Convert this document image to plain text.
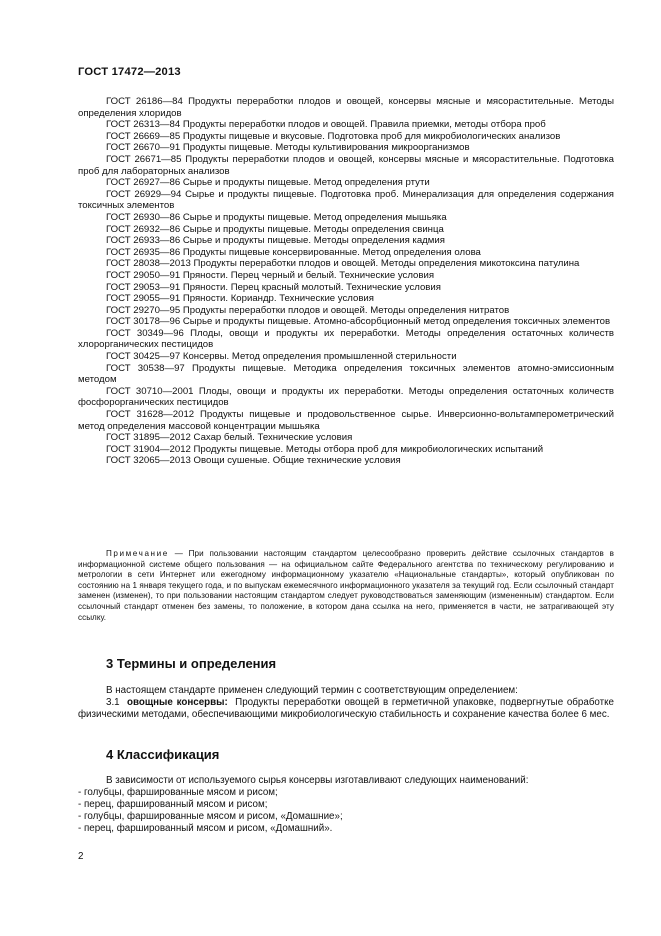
ГОСТ 17472—2013

ГОСТ 26186—84 Продукты переработки плодов и овощей, консервы мясные и мясорастительные. Методы определения хлоридов

ГОСТ 26313—84 Продукты переработки плодов и овощей. Правила приемки, методы отбора проб

ГОСТ 26669—85 Продукты пищевые и вкусовые. Подготовка проб для микробиологических анализов

ГОСТ 26670—91 Продукты пищевые. Методы культивирования микроорганизмов

ГОСТ 26671—85 Продукты переработки плодов и овощей, консервы мясные и мясорастительные. Подготовка проб для лабораторных анализов

ГОСТ 26927—86 Сырье и продукты пищевые. Метод определения ртути

ГОСТ 26929—94 Сырье и продукты пищевые. Подготовка проб. Минерализация для определения содержания токсичных элементов

ГОСТ 26930—86 Сырье и продукты пищевые. Метод определения мышьяка

ГОСТ 26932—86 Сырье и продукты пищевые. Методы определения свинца

ГОСТ 26933—86 Сырье и продукты пищевые. Методы определения кадмия

ГОСТ 26935—86 Продукты пищевые консервированные. Метод определения олова

ГОСТ 28038—2013 Продукты переработки плодов и овощей. Методы определения микотоксина патулина

ГОСТ 29050—91 Пряности. Перец черный и белый. Технические условия

ГОСТ 29053—91 Пряности. Перец красный молотый. Технические условия

ГОСТ 29055—91 Пряности. Кориандр. Технические условия

ГОСТ 29270—95 Продукты переработки плодов и овощей. Методы определения нитратов

ГОСТ 30178—96 Сырье и продукты пищевые. Атомно-абсорбционный метод определения токсичных элементов

ГОСТ 30349—96 Плоды, овощи и продукты их переработки. Методы определения остаточных количеств хлорорганических пестицидов

ГОСТ 30425—97 Консервы. Метод определения промышленной стерильности

ГОСТ 30538—97 Продукты пищевые. Методика определения токсичных элементов атомно-эмиссионным методом

ГОСТ 30710—2001 Плоды, овощи и продукты их переработки. Методы определения остаточных количеств фосфорорганических пестицидов

ГОСТ 31628—2012 Продукты пищевые и продовольственное сырье. Инверсионно-вольтамперометрический метод определения массовой концентрации мышьяка

ГОСТ 31895—2012 Сахар белый. Технические условия

ГОСТ 31904—2012 Продукты пищевые. Методы отбора проб для микробиологических испытаний

ГОСТ 32065—2013 Овощи сушеные. Общие технические условия

Примечание — При пользовании настоящим стандартом целесообразно проверить действие ссылочных стандартов в информационной системе общего пользования — на официальном сайте Федерального агентства по техническому регулированию и метрологии в сети Интернет или ежегодному информационному указателю «Национальные стандарты», который опубликован по состоянию на 1 января текущего года, и по выпускам ежемесячного информационного указателя за текущий год. Если ссылочный стандарт заменен (изменен), то при пользовании настоящим стандартом следует руководствоваться заменяющим (измененным) стандартом. Если ссылочный стандарт отменен без замены, то положение, в котором дана ссылка на него, применяется в части, не затрагивающей эту ссылку.

3 Термины и определения

В настоящем стандарте применен следующий термин с соответствующим определением:

3.1 овощные консервы: Продукты переработки овощей в герметичной упаковке, подвергнутые обработке физическими методами, обеспечивающими микробиологическую стабильность и сохранение качества более 6 мес.

4 Классификация

В зависимости от используемого сырья консервы изготавливают следующих наименований:

- голубцы, фаршированные мясом и рисом;

- перец, фаршированный мясом и рисом;

- голубцы, фаршированные мясом и рисом, «Домашние»;

- перец, фаршированный мясом и рисом, «Домашний».

2
